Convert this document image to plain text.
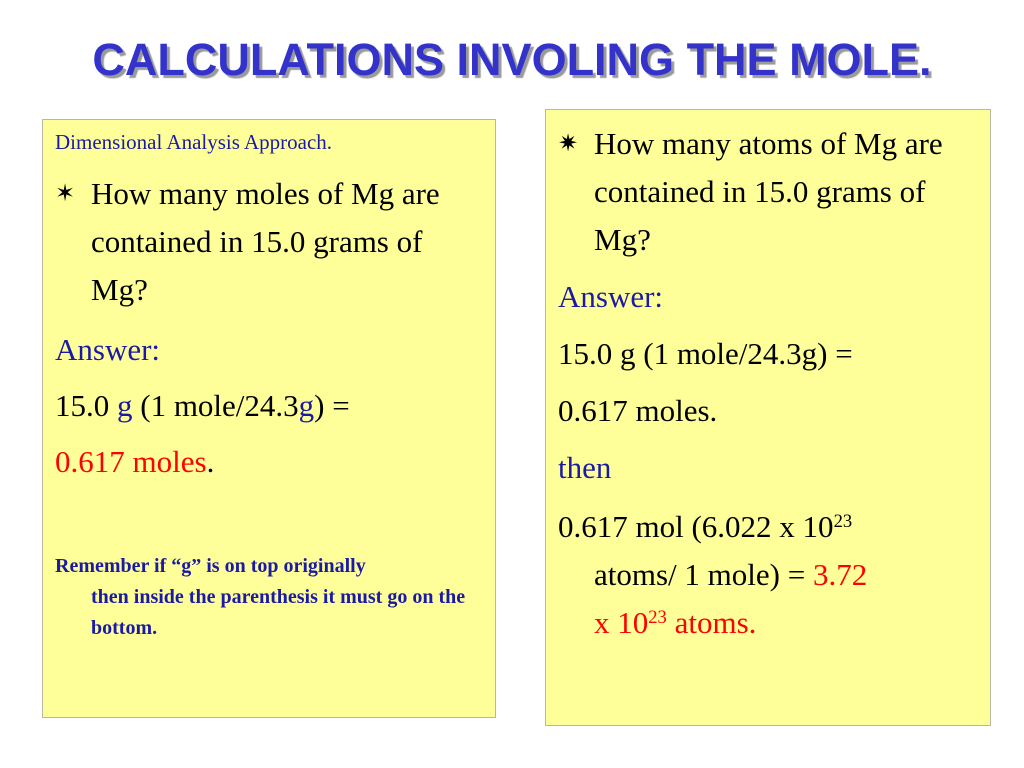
CALCULATIONS INVOLING THE MOLE.

Dimensional Analysis Approach.

✶ How many moles of Mg are contained in 15.0 grams of Mg?

Answer:

15.0 g (1 mole/24.3g) =

0.617 moles.

Remember if “g” is on top originally
then inside the parenthesis it must go on the bottom.
✷ How many atoms of Mg are contained in 15.0 grams of Mg?

Answer:

15.0 g (1 mole/24.3g) =

0.617 moles.

then

0.617 mol (6.022 x $10^{23}$
atoms/ 1 mole) = 3.72
x $10^{23}$ atoms.
